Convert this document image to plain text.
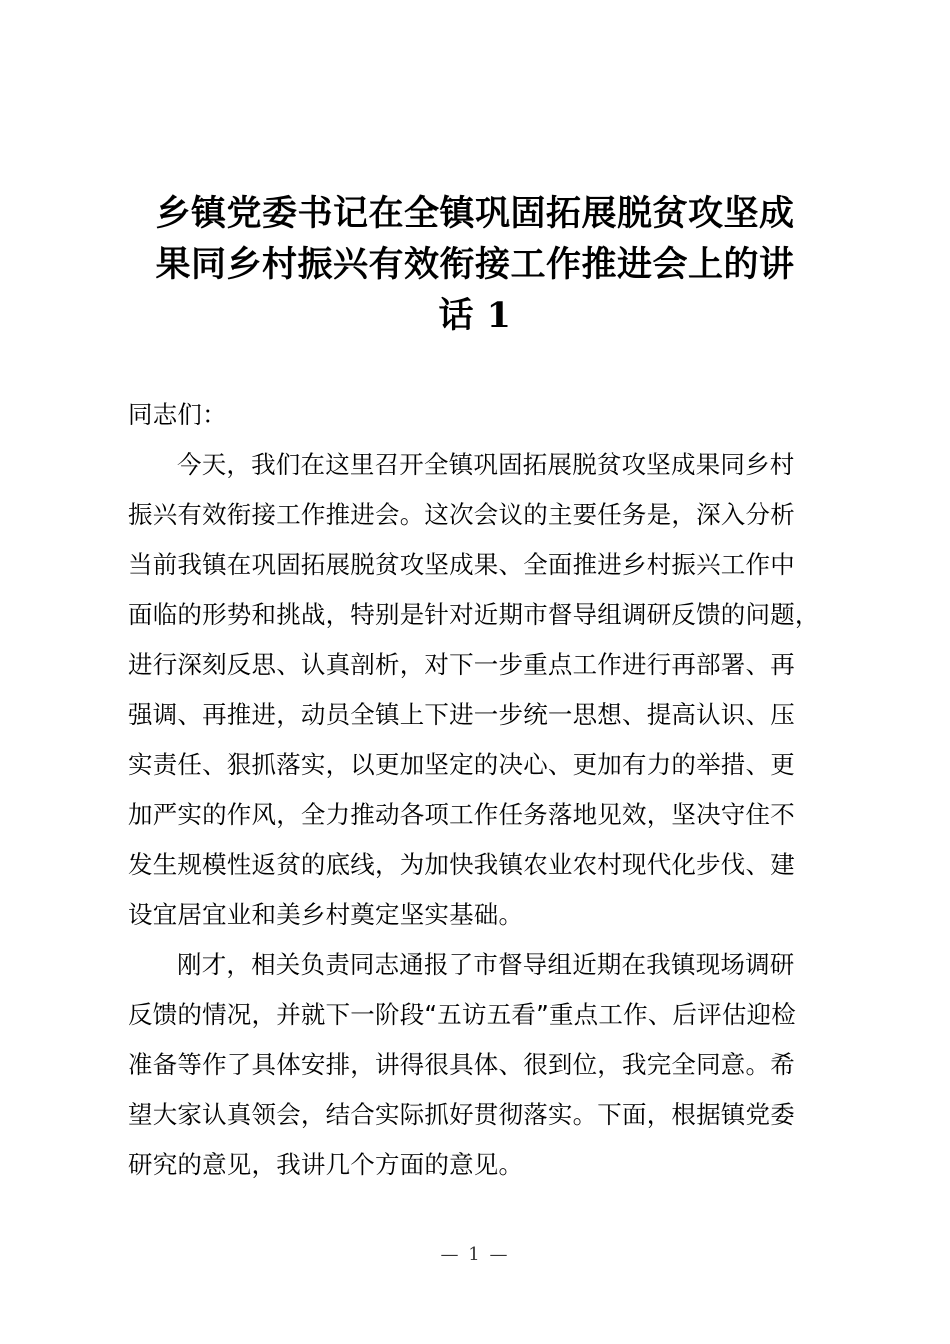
乡镇党委书记在全镇巩固拓展脱贫攻坚成
果同乡村振兴有效衔接工作推进会上的讲
话 1
同志们：
今天，我们在这里召开全镇巩固拓展脱贫攻坚成果同乡村
振兴有效衔接工作推进会。这次会议的主要任务是，深入分析
当前我镇在巩固拓展脱贫攻坚成果、全面推进乡村振兴工作中
面临的形势和挑战，特别是针对近期市督导组调研反馈的问题，
进行深刻反思、认真剖析，对下一步重点工作进行再部署、再
强调、再推进，动员全镇上下进一步统一思想、提高认识、压
实责任、狠抓落实，以更加坚定的决心、更加有力的举措、更
加严实的作风，全力推动各项工作任务落地见效，坚决守住不
发生规模性返贫的底线，为加快我镇农业农村现代化步伐、建
设宜居宜业和美乡村奠定坚实基础。
刚才，相关负责同志通报了市督导组近期在我镇现场调研
反馈的情况，并就下一阶段“五访五看”重点工作、后评估迎检
准备等作了具体安排，讲得很具体、很到位，我完全同意。希
望大家认真领会，结合实际抓好贯彻落实。下面，根据镇党委
研究的意见，我讲几个方面的意见。
— 1 —
